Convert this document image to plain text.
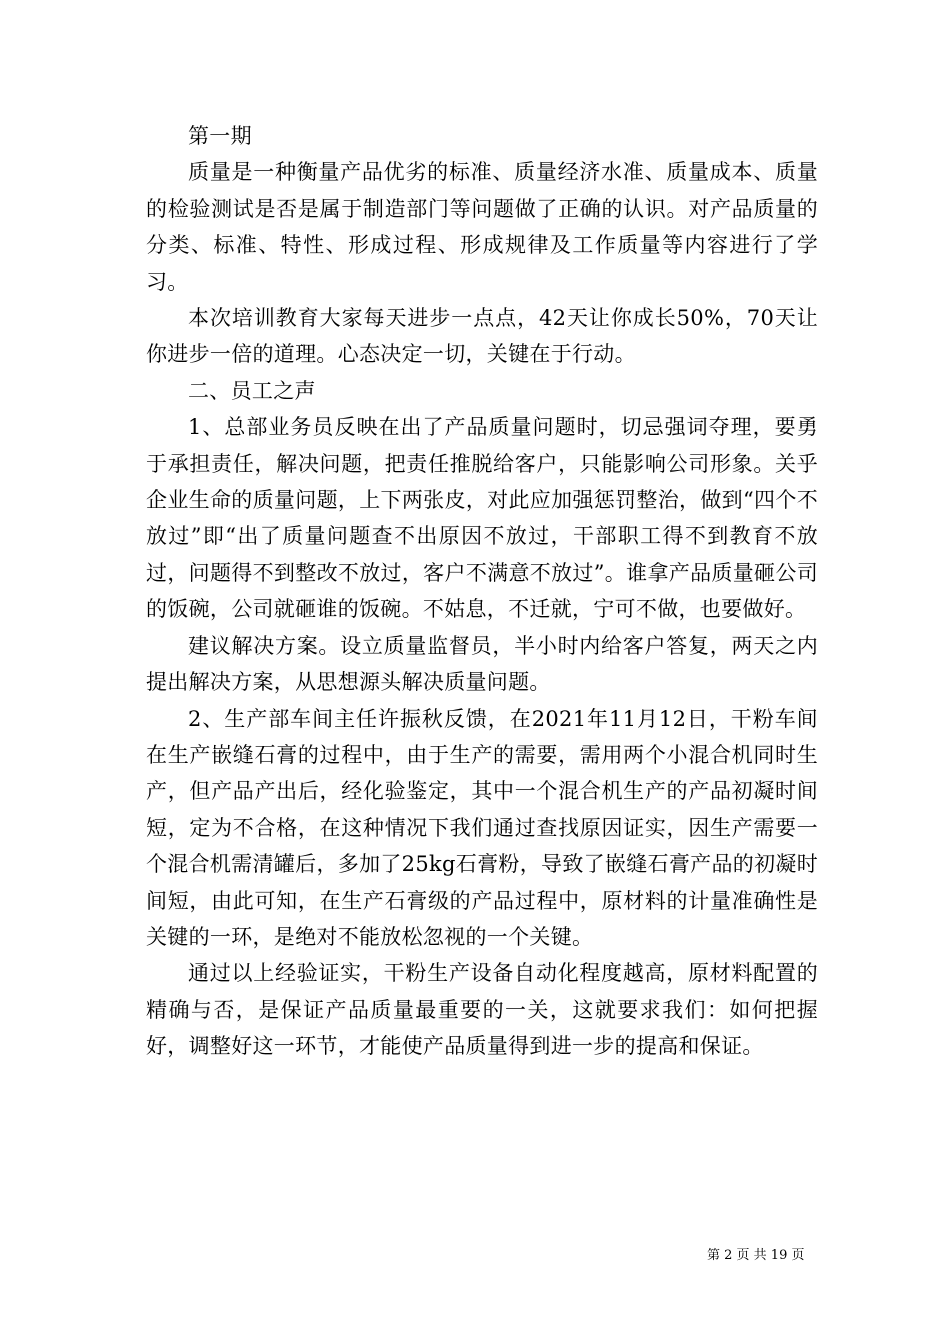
第一期

质量是一种衡量产品优劣的标准、质量经济水准、质量成本、质量的检验测试是否是属于制造部门等问题做了正确的认识。对产品质量的分类、标准、特性、形成过程、形成规律及工作质量等内容进行了学习。

本次培训教育大家每天进步一点点，42天让你成长50%，70天让你进步一倍的道理。心态决定一切，关键在于行动。

二、员工之声

1、总部业务员反映在出了产品质量问题时，切忌强词夺理，要勇于承担责任，解决问题，把责任推脱给客户，只能影响公司形象。关乎企业生命的质量问题，上下两张皮，对此应加强惩罚整治，做到“四个不放过”即“出了质量问题查不出原因不放过，干部职工得不到教育不放过，问题得不到整改不放过，客户不满意不放过”。谁拿产品质量砸公司的饭碗，公司就砸谁的饭碗。不姑息，不迁就，宁可不做，也要做好。

建议解决方案。设立质量监督员，半小时内给客户答复，两天之内提出解决方案，从思想源头解决质量问题。

2、生产部车间主任许振秋反馈，在2021年11月12日，干粉车间在生产嵌缝石膏的过程中，由于生产的需要，需用两个小混合机同时生产，但产品产出后，经化验鉴定，其中一个混合机生产的产品初凝时间短，定为不合格，在这种情况下我们通过查找原因证实，因生产需要一个混合机需清罐后，多加了25kg石膏粉，导致了嵌缝石膏产品的初凝时间短，由此可知，在生产石膏级的产品过程中，原材料的计量准确性是关键的一环，是绝对不能放松忽视的一个关键。

通过以上经验证实，干粉生产设备自动化程度越高，原材料配置的精确与否，是保证产品质量最重要的一关，这就要求我们：如何把握好，调整好这一环节，才能使产品质量得到进一步的提高和保证。

第 2 页 共 19 页
